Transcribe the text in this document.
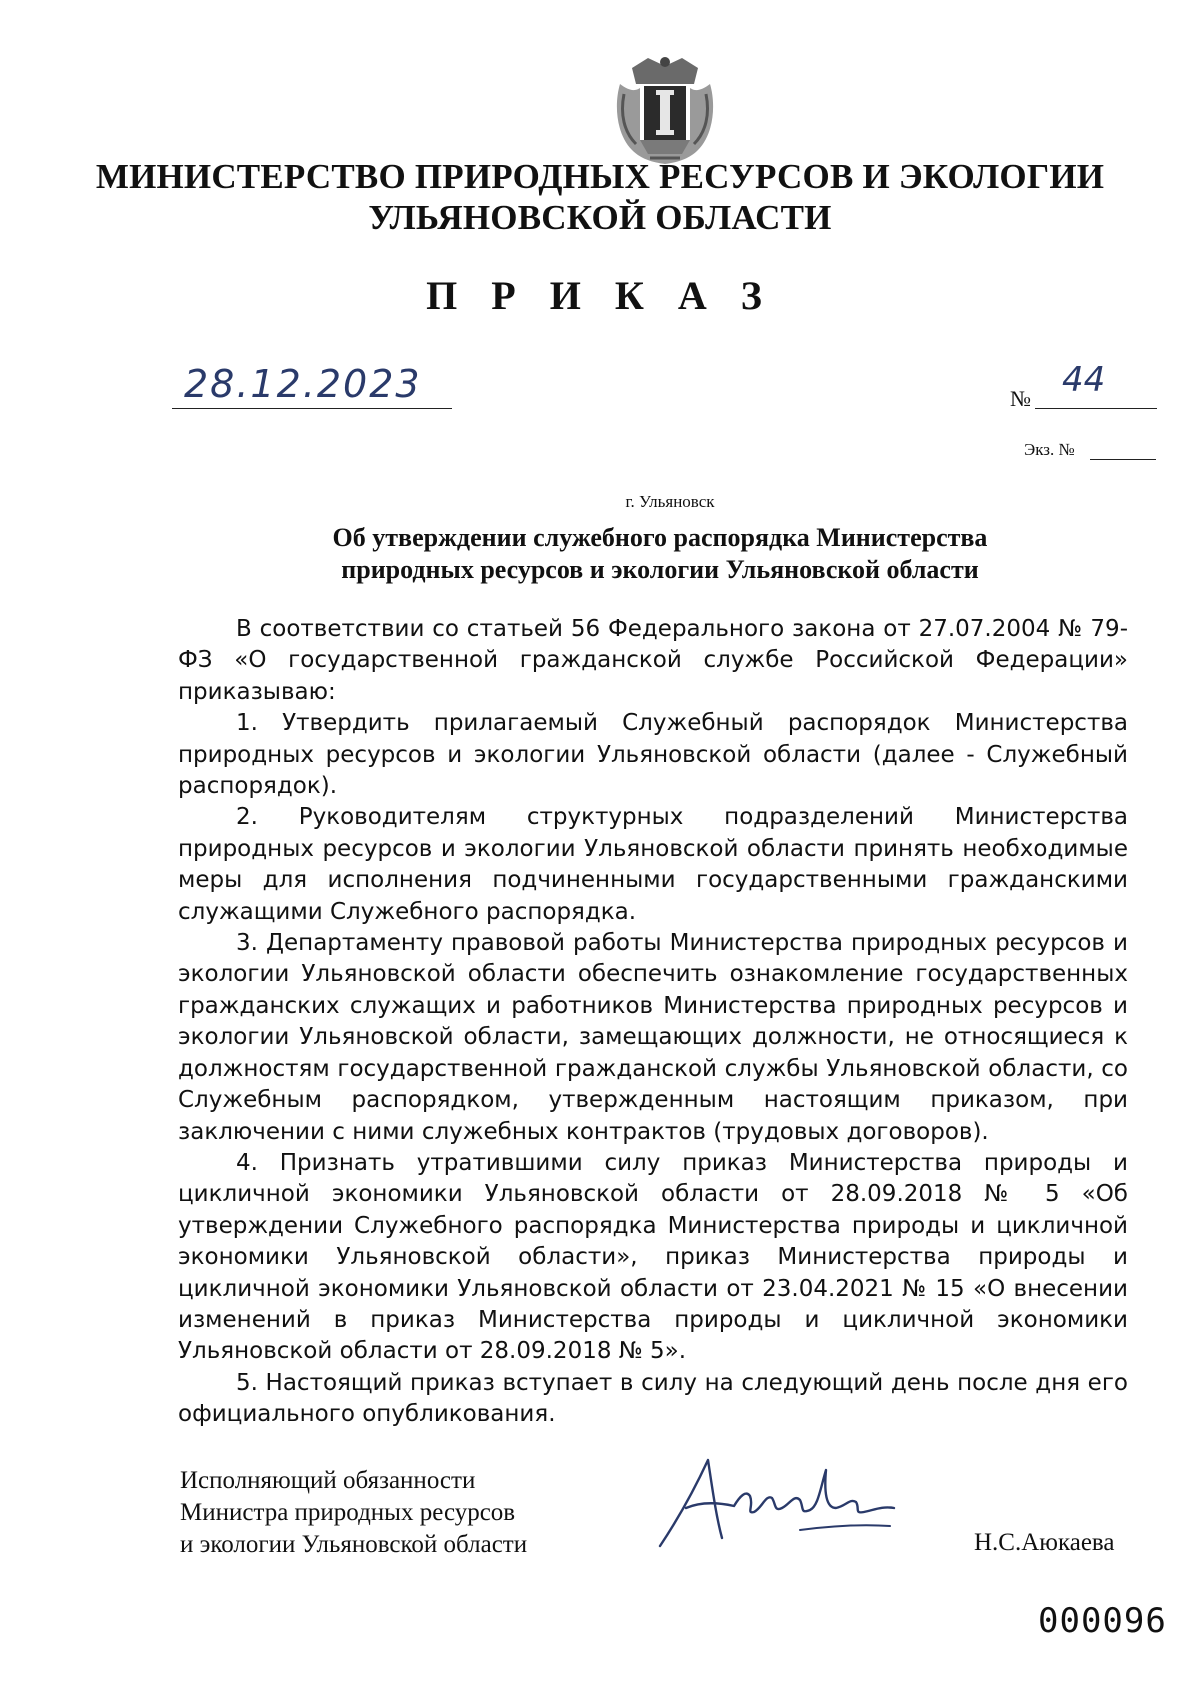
МИНИСТЕРСТВО ПРИРОДНЫХ РЕСУРСОВ И ЭКОЛОГИИ
УЛЬЯНОВСКОЙ ОБЛАСТИ
П Р И К А З
28.12.2023	№ 44
Экз. №
г. Ульяновск
Об утверждении служебного распорядка Министерства
природных ресурсов и экологии Ульяновской области

В соответствии со статьей 56 Федерального закона от 27.07.2004 № 79-ФЗ «О государственной гражданской службе Российской Федерации» приказываю:

1. Утвердить прилагаемый Служебный распорядок Министерства природных ресурсов и экологии Ульяновской области (далее - Служебный распорядок).

2. Руководителям структурных подразделений Министерства природных ресурсов и экологии Ульяновской области принять необходимые меры для исполнения подчиненными государственными гражданскими служащими Служебного распорядка.

3. Департаменту правовой работы Министерства природных ресурсов и экологии Ульяновской области обеспечить ознакомление государственных гражданских служащих и работников Министерства природных ресурсов и экологии Ульяновской области, замещающих должности, не относящиеся к должностям государственной гражданской службы Ульяновской области, со Служебным распорядком, утвержденным настоящим приказом, при заключении с ними служебных контрактов (трудовых договоров).

4. Признать утратившими силу приказ Министерства природы и цикличной экономики Ульяновской области от 28.09.2018 № 5 «Об утверждении Служебного распорядка Министерства природы и цикличной экономики Ульяновской области», приказ Министерства природы и цикличной экономики Ульяновской области от 23.04.2021 № 15 «О внесении изменений в приказ Министерства природы и цикличной экономики Ульяновской области от 28.09.2018 № 5».

5. Настоящий приказ вступает в силу на следующий день после дня его официального опубликования.

Исполняющий обязанности
Министра природных ресурсов
и экологии Ульяновской области	Н.С.Аюкаева
000096
